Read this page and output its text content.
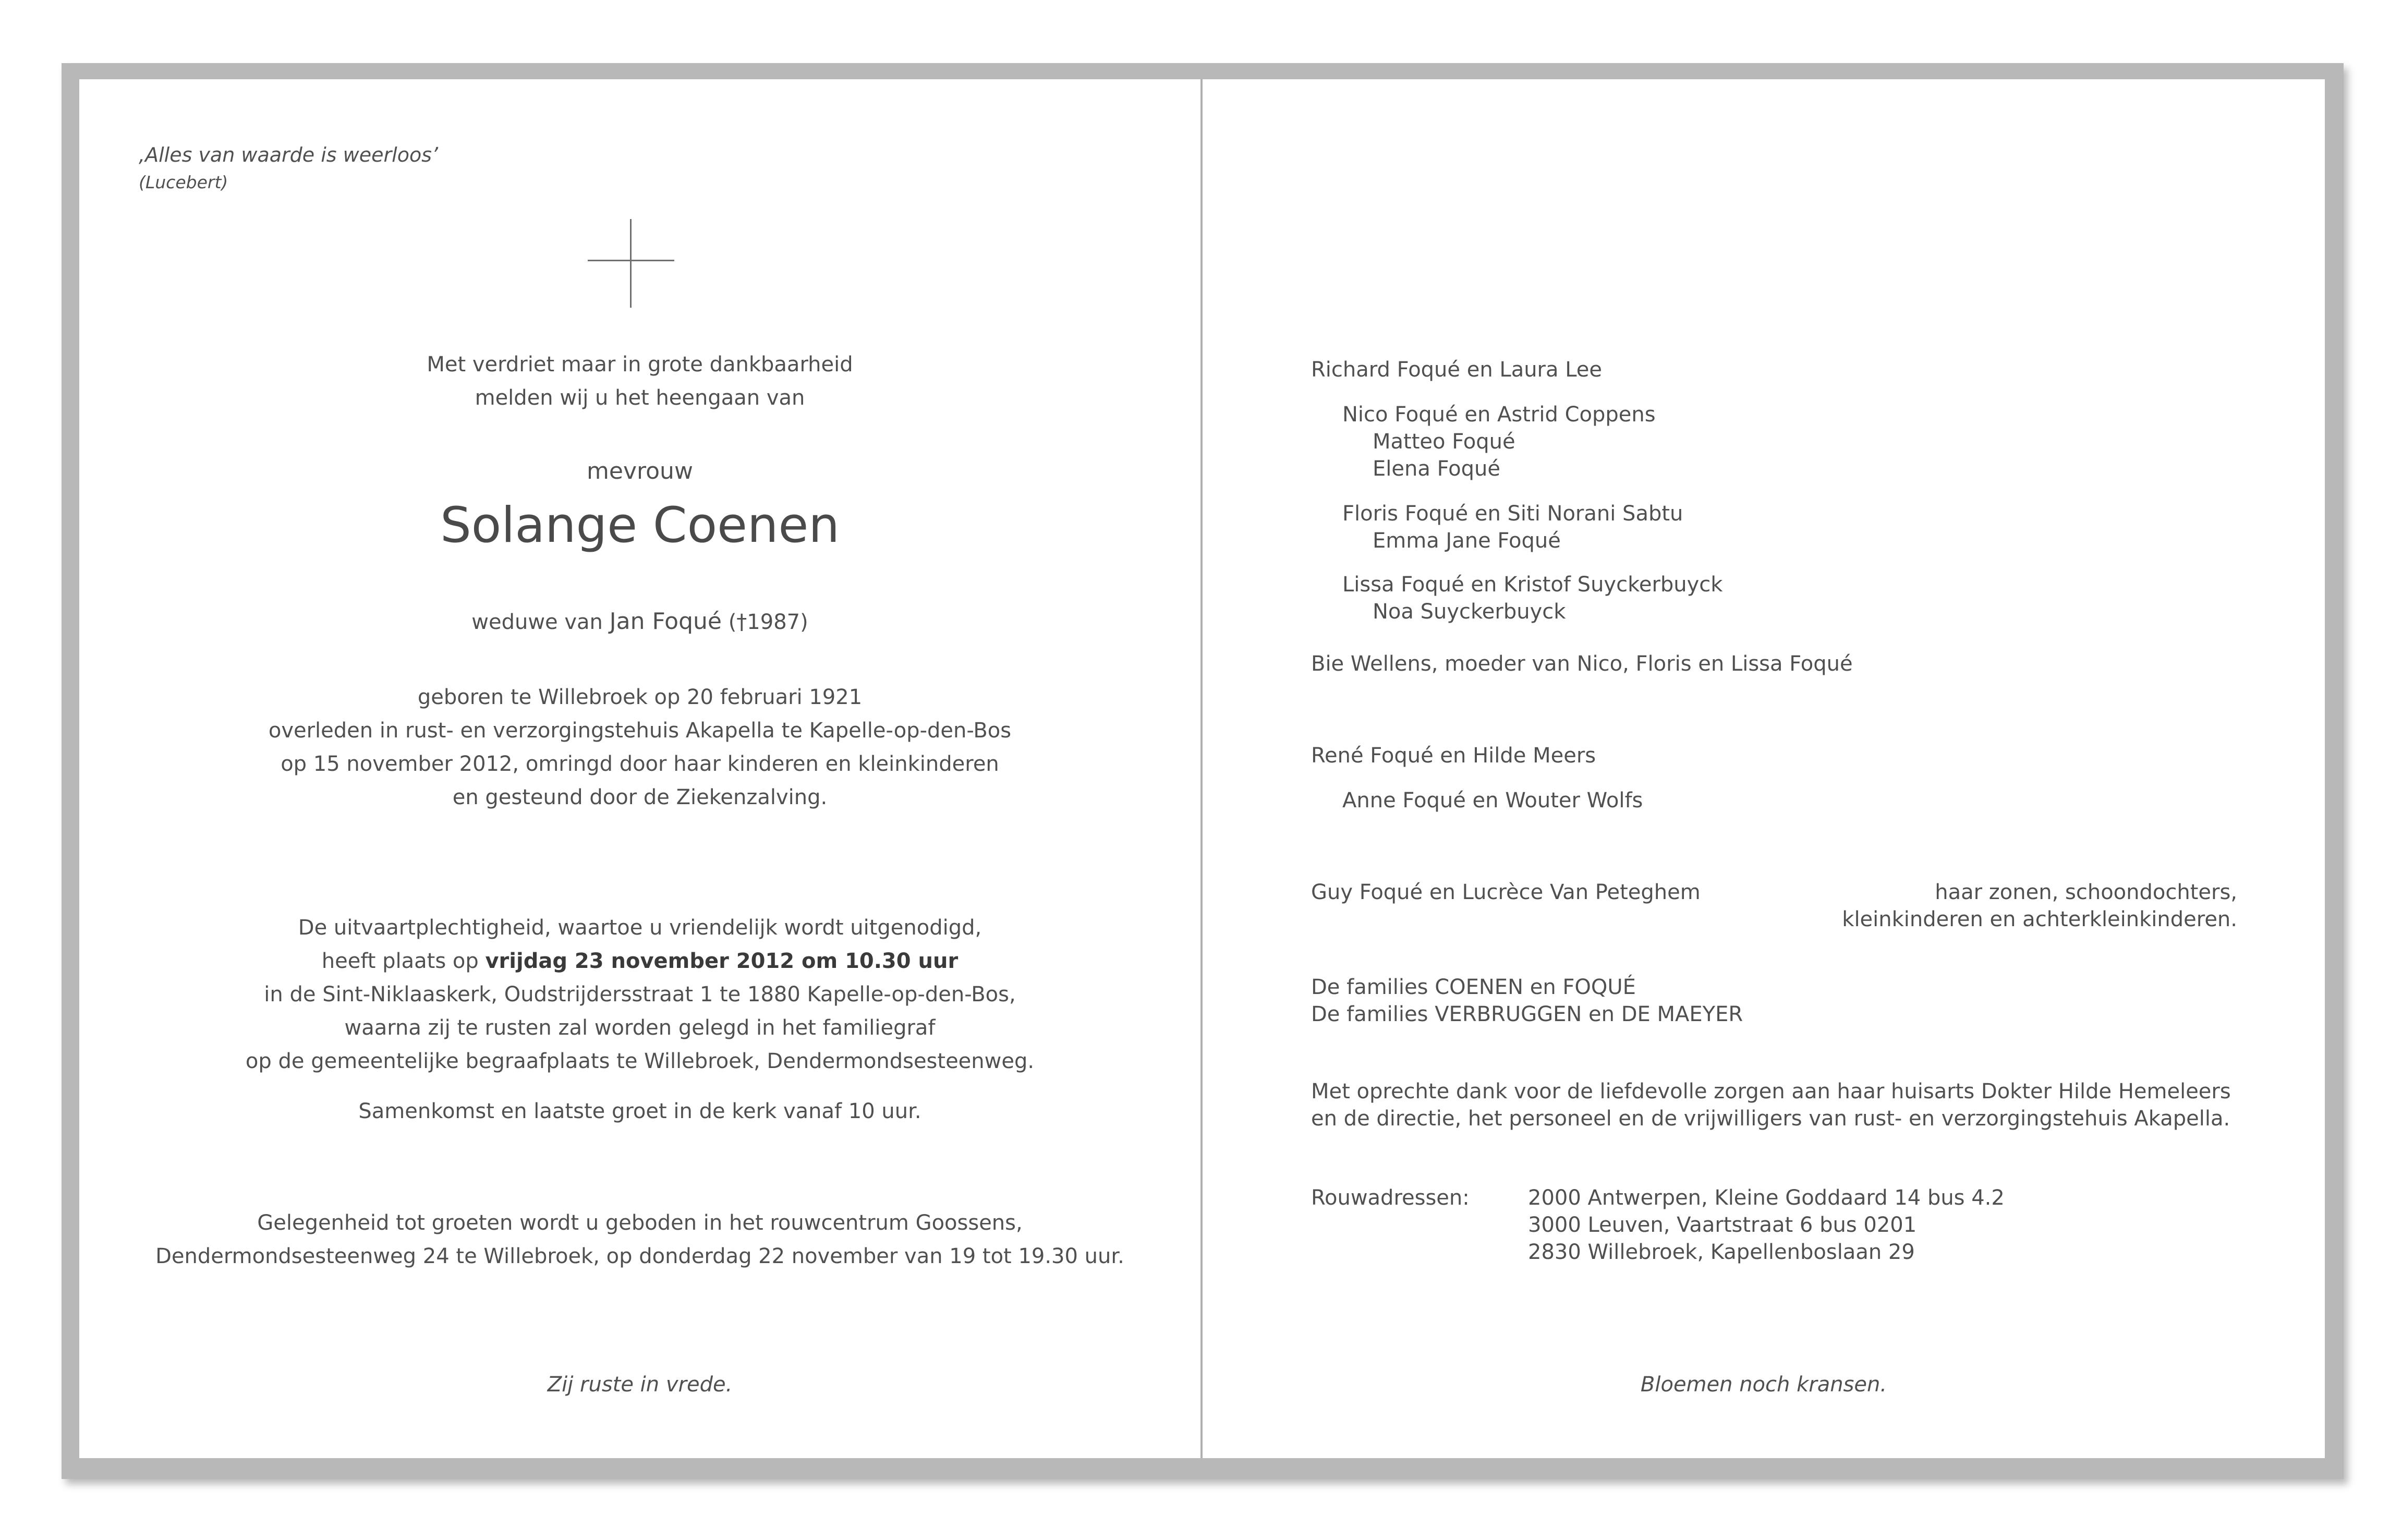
‚Alles van waarde is weerloos’
(Lucebert)
Met verdriet maar in grote dankbaarheid
melden wij u het heengaan van
mevrouw
Solange Coenen
weduwe van Jan Foqué (†1987)
geboren te Willebroek op 20 februari 1921
overleden in rust- en verzorgingstehuis Akapella te Kapelle-op-den-Bos
op 15 november 2012, omringd door haar kinderen en kleinkinderen
en gesteund door de Ziekenzalving.
De uitvaartplechtigheid, waartoe u vriendelijk wordt uitgenodigd,
heeft plaats op vrijdag 23 november 2012 om 10.30 uur
in de Sint-Niklaaskerk, Oudstrijdersstraat 1 te 1880 Kapelle-op-den-Bos,
waarna zij te rusten zal worden gelegd in het familiegraf
op de gemeentelijke begraafplaats te Willebroek, Dendermondsesteenweg.
Samenkomst en laatste groet in de kerk vanaf 10 uur.
Gelegenheid tot groeten wordt u geboden in het rouwcentrum Goossens,
Dendermondsesteenweg 24 te Willebroek, op donderdag 22 november van 19 tot 19.30 uur.
Zij ruste in vrede.
Richard Foqué en Laura Lee
Nico Foqué en Astrid Coppens
Matteo Foqué
Elena Foqué
Floris Foqué en Siti Norani Sabtu
Emma Jane Foqué
Lissa Foqué en Kristof Suyckerbuyck
Noa Suyckerbuyck
Bie Wellens, moeder van Nico, Floris en Lissa Foqué
René Foqué en Hilde Meers
Anne Foqué en Wouter Wolfs
Guy Foqué en Lucrèce Van Peteghem	haar zonen, schoondochters,
kleinkinderen en achterkleinkinderen.
De families COENEN en FOQUÉ
De families VERBRUGGEN en DE MAEYER
Met oprechte dank voor de liefdevolle zorgen aan haar huisarts Dokter Hilde Hemeleers
en de directie, het personeel en de vrijwilligers van rust- en verzorgingstehuis Akapella.
Rouwadressen:	2000 Antwerpen, Kleine Goddaard 14 bus 4.2
3000 Leuven, Vaartstraat 6 bus 0201
2830 Willebroek, Kapellenboslaan 29
Bloemen noch kransen.
